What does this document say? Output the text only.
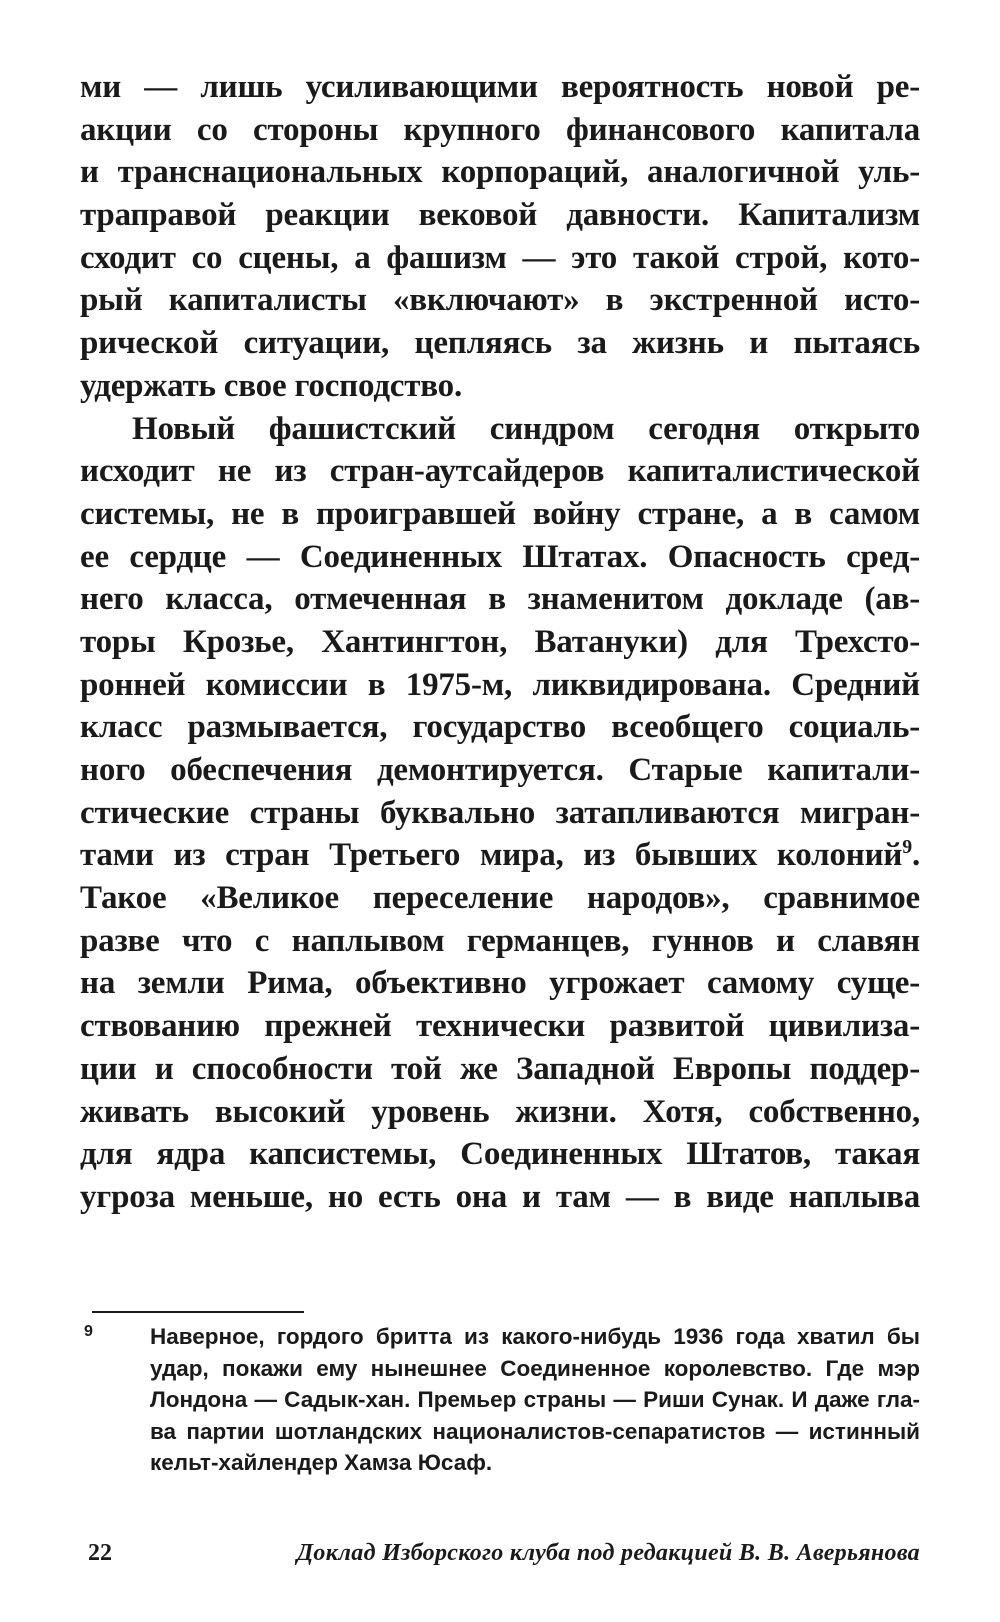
ми — лишь усиливающими вероятность новой ре-
акции со стороны крупного финансового капитала
и транснациональных корпораций, аналогичной уль-
траправой реакции вековой давности. Капитализм
сходит со сцены, а фашизм — это такой строй, кото-
рый капиталисты «включают» в экстренной исто-
рической ситуации, цепляясь за жизнь и пытаясь
удержать свое господство.
Новый фашистский синдром сегодня открыто
исходит не из стран-аутсайдеров капиталистической
системы, не в проигравшей войну стране, а в самом
ее сердце — Соединенных Штатах. Опасность сред-
него класса, отмеченная в знаменитом докладе (ав-
торы Крозье, Хантингтон, Ватануки) для Трехсто-
ронней комиссии в 1975-м, ликвидирована. Средний
класс размывается, государство всеобщего социаль-
ного обеспечения демонтируется. Старые капитали-
стические страны буквально затапливаются мигран-
тами из стран Третьего мира, из бывших колоний$^9$.
Такое «Великое переселение народов», сравнимое
разве что с наплывом германцев, гуннов и славян
на земли Рима, объективно угрожает самому суще-
ствованию прежней технически развитой цивилиза-
ции и способности той же Западной Европы поддер-
живать высокий уровень жизни. Хотя, собственно,
для ядра капсистемы, Соединенных Штатов, такая
угроза меньше, но есть она и там — в виде наплыва
9	Наверное, гордого бритта из какого-нибудь 1936 года хватил бы
удар, покажи ему нынешнее Соединенное королевство. Где мэр
Лондона — Садык-хан. Премьер страны — Риши Сунак. И даже гла-
ва партии шотландских националистов-сепаратистов — истинный
кельт-хайлендер Хамза Юсаф.
22	Доклад Изборского клуба под редакцией В. В. Аверьянова
